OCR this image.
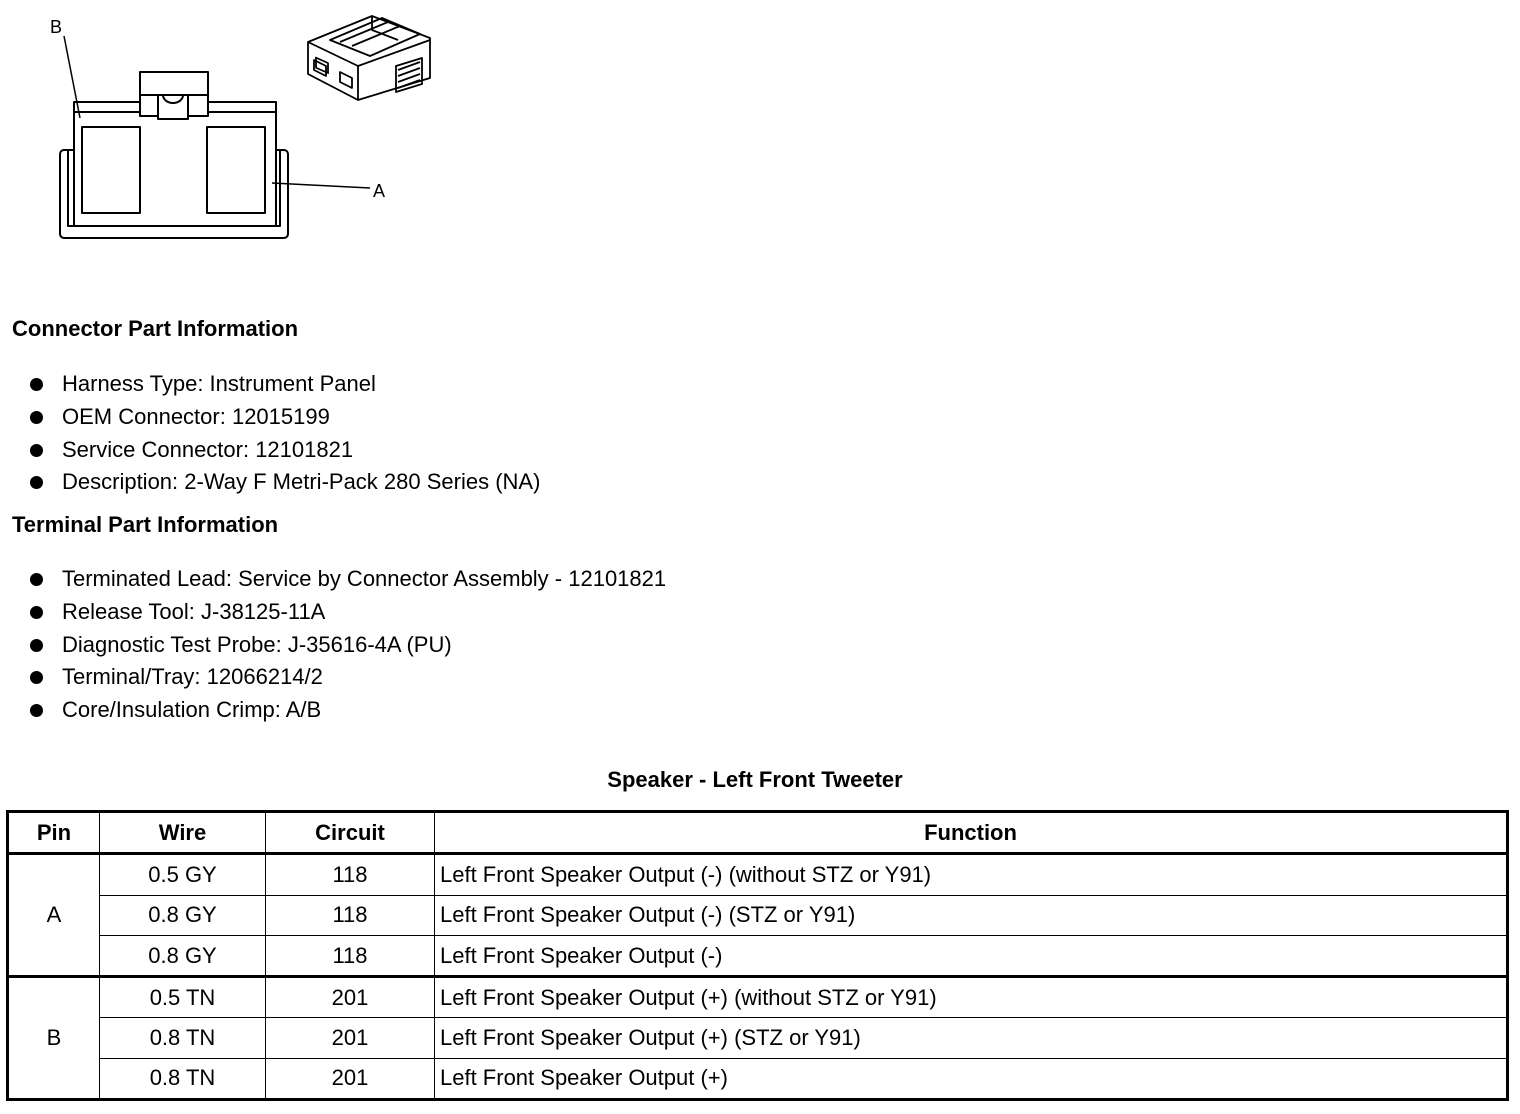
B
A
Connector Part Information
Harness Type: Instrument Panel
OEM Connector: 12015199
Service Connector: 12101821
Description: 2-Way F Metri-Pack 280 Series (NA)
Terminal Part Information
Terminated Lead: Service by Connector Assembly - 12101821
Release Tool: J-38125-11A
Diagnostic Test Probe: J-35616-4A (PU)
Terminal/Tray: 12066214/2
Core/Insulation Crimp: A/B
Speaker - Left Front Tweeter
Pin	Wire	Circuit	Function
A	0.5 GY	118	Left Front Speaker Output (-) (without STZ or Y91)
	0.8 GY	118	Left Front Speaker Output (-) (STZ or Y91)
	0.8 GY	118	Left Front Speaker Output (-)
B	0.5 TN	201	Left Front Speaker Output (+) (without STZ or Y91)
	0.8 TN	201	Left Front Speaker Output (+) (STZ or Y91)
	0.8 TN	201	Left Front Speaker Output (+)
